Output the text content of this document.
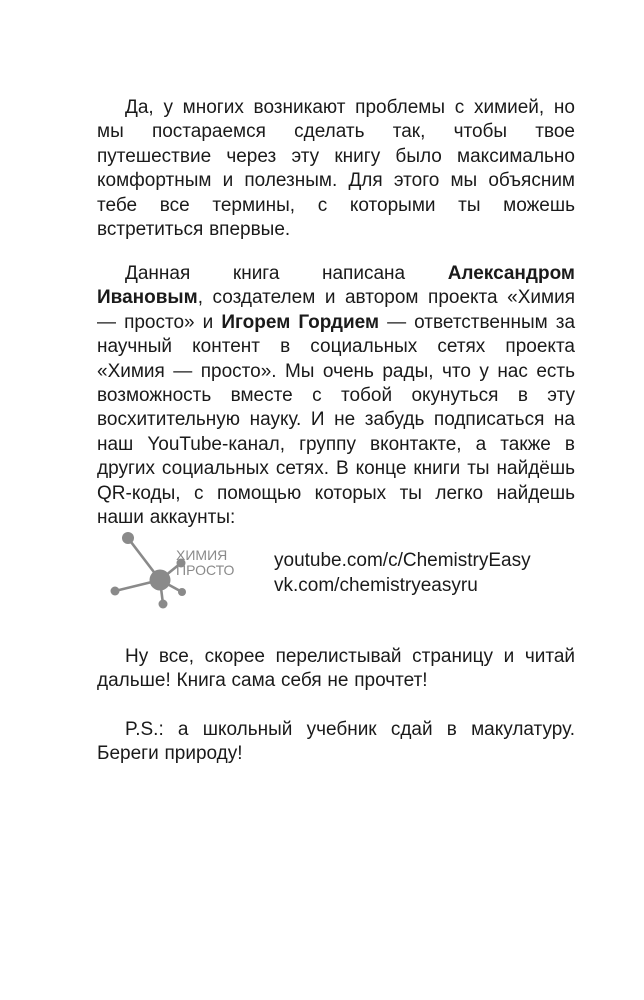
Да, у многих возникают проблемы с химией, но мы постараемся сделать так, чтобы твое путешествие через эту книгу было максимально комфортным и полезным. Для этого мы объясним тебе все термины, с которыми ты можешь встретиться впервые.

Данная книга написана Александром Ивановым, создателем и автором проекта «Химия — просто» и Игорем Гордием — ответственным за научный контент в социальных сетях проекта «Химия — просто». Мы очень рады, что у нас есть возможность вместе с тобой окунуться в эту восхитительную науку. И не забудь подписаться на наш YouTube-канал, группу вконтакте, а также в других социальных сетях. В конце книги ты найдёшь QR-коды, с помощью которых ты легко найдешь наши аккаунты:

ХИМИЯ
ПРОСТО youtube.com/c/ChemistryEasy
vk.com/chemistryeasyru

Ну все, скорее перелистывай страницу и читай дальше! Книга сама себя не прочтет!

P.S.: а школьный учебник сдай в макулатуру. Береги природу!
